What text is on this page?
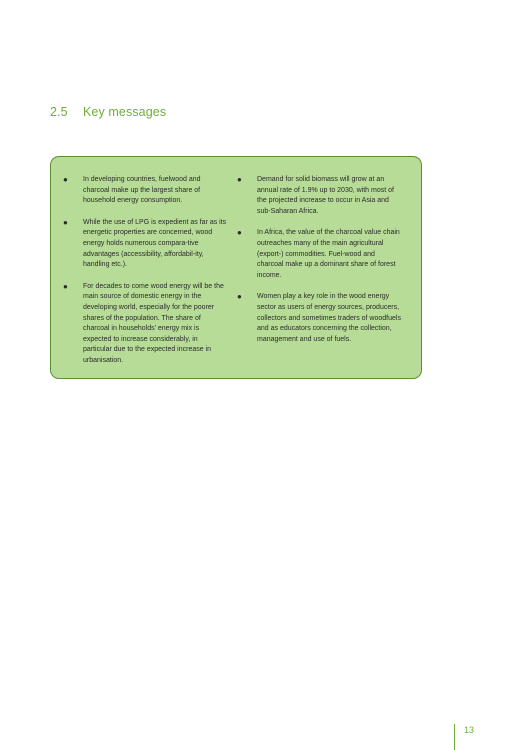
2.5 Key messages
● In developing countries, fuelwood and charcoal make up the largest share of household energy consumption.
● While the use of LPG is expedient as far as its energetic properties are concerned, wood energy holds numerous compara-tive advantages (accessibility, affordabil-ity, handling etc.).
● For decades to come wood energy will be the main source of domestic energy in the developing world, especially for the poorer shares of the population. The share of charcoal in households’ energy mix is expected to increase considerably, in particular due to the expected increase in urbanisation.
● Demand for solid biomass will grow at an annual rate of 1.9% up to 2030, with most of the projected increase to occur in Asia and sub-Saharan Africa.
● In Africa, the value of the charcoal value chain outreaches many of the main agricultural (export-) commodities. Fuel-wood and charcoal make up a dominant share of forest income.
● Women play a key role in the wood energy sector as users of energy sources, producers, collectors and sometimes traders of woodfuels and as educators concerning the collection, management and use of fuels.
13
